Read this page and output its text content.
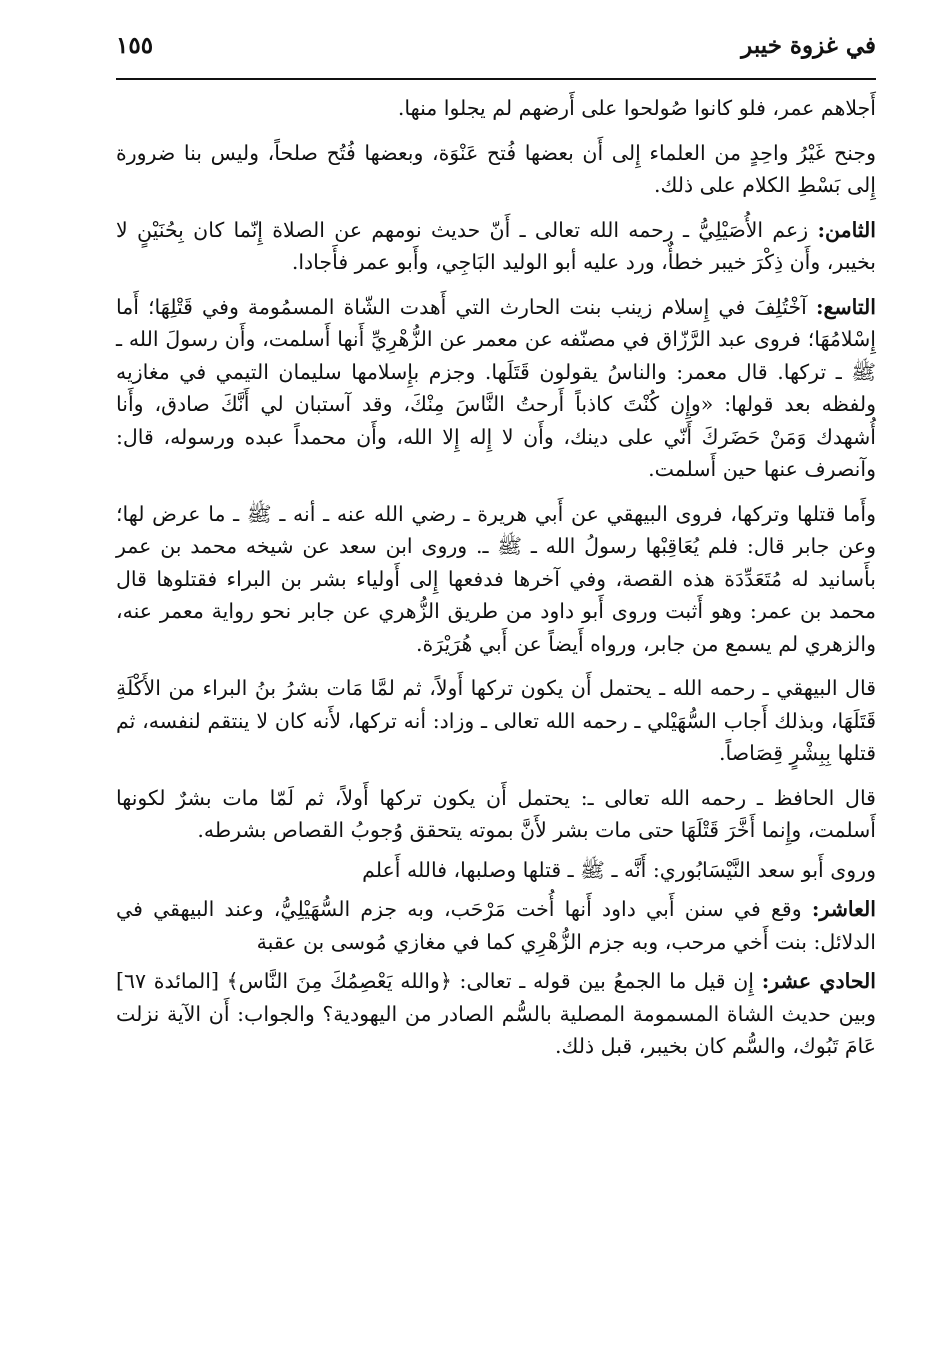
في غزوة خيبر
١٥٥

أَجلاهم عمر، فلو كانوا صُولحوا على أَرضهم لم يجلوا منها.

وجنح غَيْرُ واحِدٍ من العلماء إِلى أَن بعضها فُتح عَنْوَة، وبعضها فُتُح صلحاً، وليس بنا ضرورة إِلى بَسْطِ الكلام على ذلك.

الثامن: زعم الأُصَيْلِيُّ ـ رحمه الله تعالى ـ أَنّ حديث نومهم عن الصلاة إِنّما كان بِحُنَيْنٍ لا بخيبر، وأَن ذِكْرَ خيبر خطأٌ، ورد عليه أبو الوليد البَاجِي، وأَبو عمر فأَجادا.

التاسع: آخْتُلِفَ في إِسلام زينب بنت الحارث التي أَهدت الشّاة المسمُومة وفي قَتْلِهَا؛ أَما إِسْلامُهَا؛ فروى عبد الرَّزّاق في مصنّفه عن معمر عن الزُّهْرِيِّ أَنها أَسلمت، وأَن رسولَ الله ـ ﷺ ـ تركها. قال معمر: والناسُ يقولون قَتَلَها. وجزم بإِسلامها سليمان التيمي في مغازيه ولفظه بعد قولها: «وإِن كُنْتَ كاذباً أَرحتُ النَّاسَ مِنْكَ، وقد آستبان لي أَنَّكَ صادق، وأَنا أُشهدك وَمَنْ حَضَركَ أَنّي على دينك، وأَن لا إِله إِلا الله، وأَن محمداً عبده ورسوله، قال: وآنصرف عنها حين أَسلمت.

وأَما قتلها وتركها، فروى البيهقي عن أَبي هريرة ـ رضي الله عنه ـ أنه ـ ﷺ ـ ما عرض لها؛ وعن جابر قال: فلم يُعَاقِبْها رسولُ الله ـ ﷺ ـ. وروى ابن سعد عن شيخه محمد بن عمر بأَسانيد له مُتَعَدِّدَة هذه القصة، وفي آخرها فدفعها إِلى أَولياء بشر بن البراء فقتلوها قال محمد بن عمر: وهو أَثبت وروى أَبو داود من طريق الزُّهري عن جابر نحو رواية معمر عنه، والزهري لم يسمع من جابر، ورواه أَيضاً عن أَبي هُرَيْرَة.

قال البيهقي ـ رحمه الله ـ يحتمل أَن يكون تركها أَولاً، ثم لمَّا مَات بشرُ بنُ البراء من الأَكْلَةِ قَتَلَهَا، وبذلك أَجاب السُّهَيْلي ـ رحمه الله تعالى ـ وزاد: أنه تركها، لأَنه كان لا ينتقم لنفسه، ثم قتلها بِبِشْرٍ قِصَاصاً.

قال الحافظ ـ رحمه الله تعالى ـ: يحتمل أَن يكون تركها أَولاً، ثم لَمّا مات بشرٌ لكونها أَسلمت، وإِنما أَخَّرَ قَتْلَهَا حتى مات بشر لأَنَّ بموته يتحقق وُجوبُ القصاص بشرطه.

وروى أَبو سعد النَّيْسَابُوري: أَنَّه ـ ﷺ ـ قتلها وصلبها، فالله أَعلم

العاشر: وقع في سنن أَبي داود أَنها أُخت مَرْحَب، وبه جزم السُّهَيْلِيُّ، وعند البيهقي في الدلائل: بنت أَخي مرحب، وبه جزم الزُّهْرِي كما في مغازي مُوسى بن عقبة

الحادي عشر: إِن قيل ما الجمعُ بين قوله ـ تعالى: ﴿والله يَعْصِمُكَ مِنَ النَّاس﴾ [المائدة ٦٧] وبين حديث الشاة المسمومة المصلية بالسُّم الصادر من اليهودية؟ والجواب: أَن الآية نزلت عَامَ تَبُوك، والسُّم كان بخيبر، قبل ذلك.
